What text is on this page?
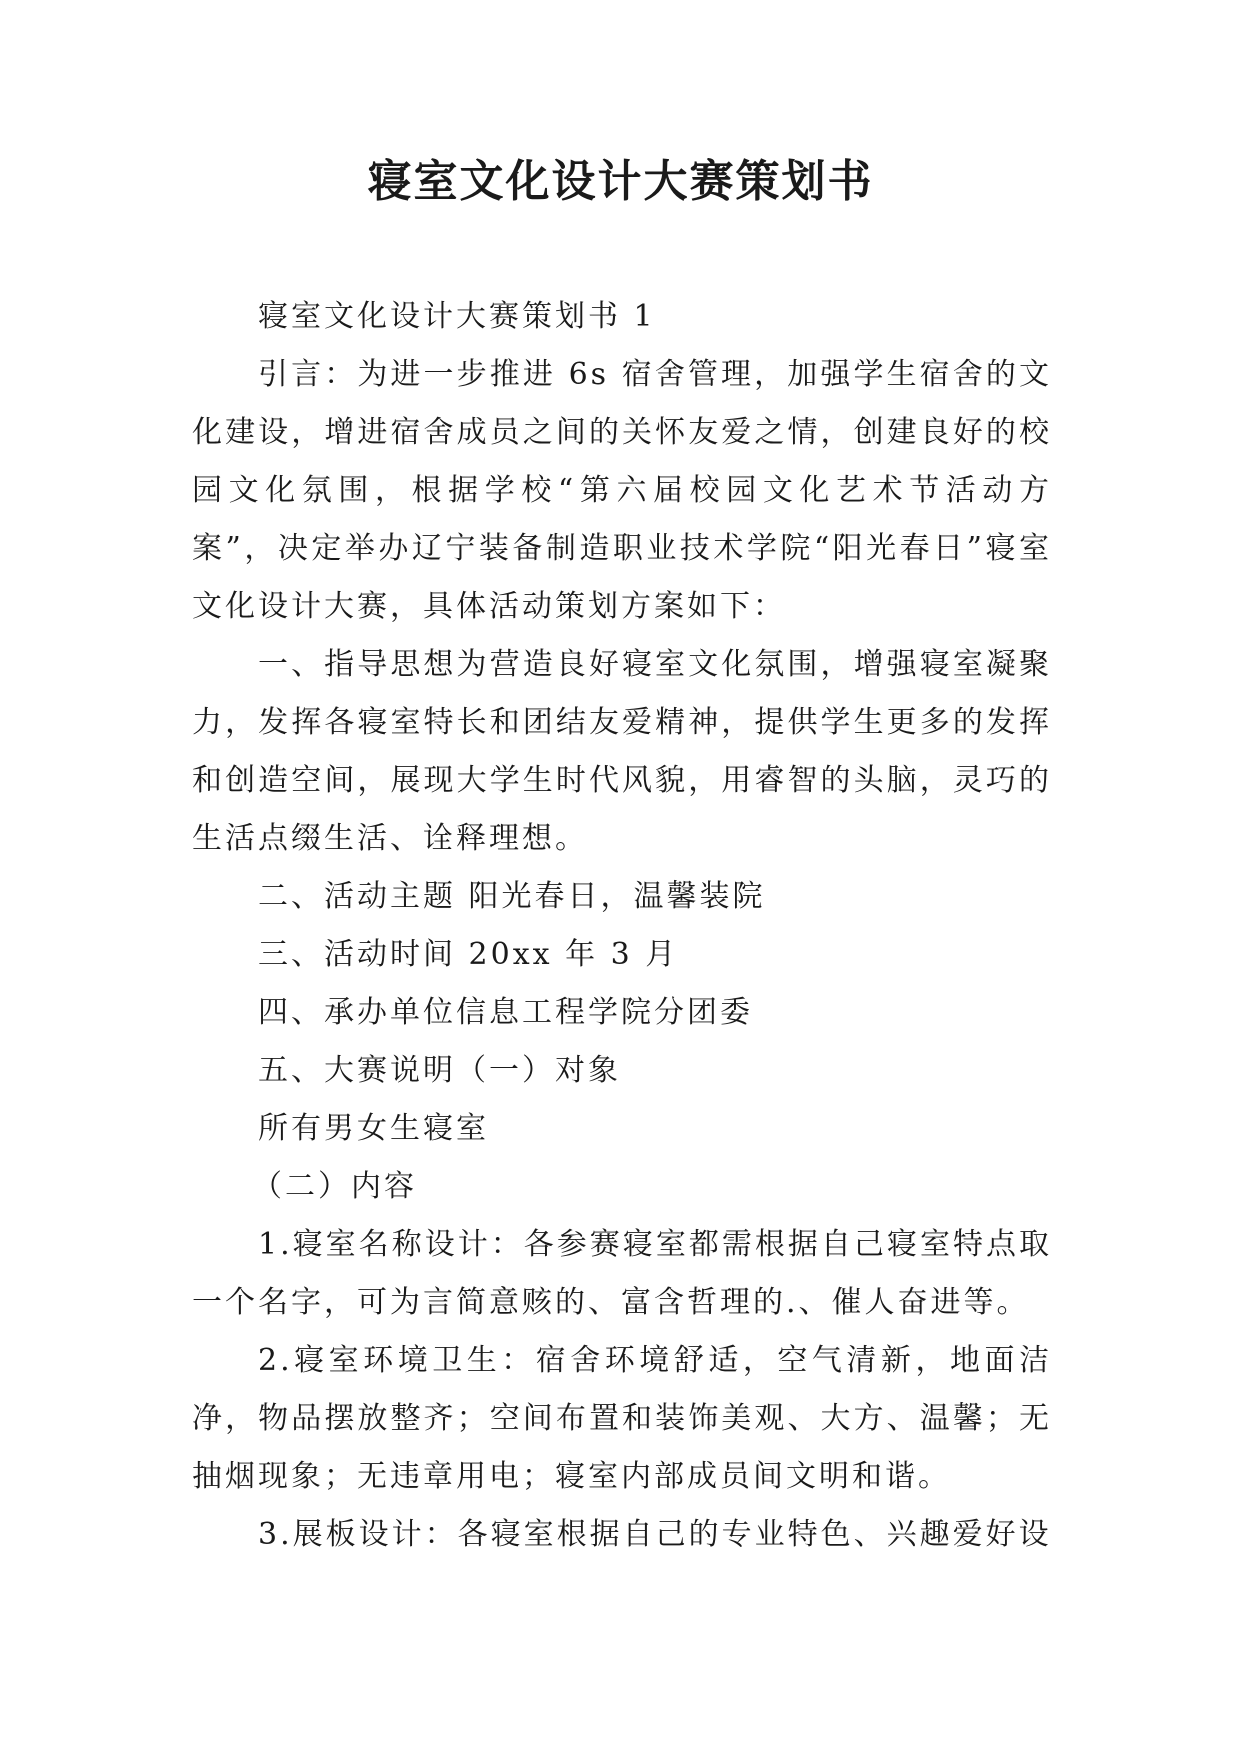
寝室文化设计大赛策划书

寝室文化设计大赛策划书 1

引言：为进一步推进 6s 宿舍管理，加强学生宿舍的文化建设，增进宿舍成员之间的关怀友爱之情，创建良好的校园文化氛围，根据学校“第六届校园文化艺术节活动方案”，决定举办辽宁装备制造职业技术学院“阳光春日”寝室文化设计大赛，具体活动策划方案如下：

一、指导思想为营造良好寝室文化氛围，增强寝室凝聚力，发挥各寝室特长和团结友爱精神，提供学生更多的发挥和创造空间，展现大学生时代风貌，用睿智的头脑，灵巧的生活点缀生活、诠释理想。

二、活动主题 阳光春日，温馨装院

三、活动时间 20xx 年 3 月

四、承办单位信息工程学院分团委

五、大赛说明（一）对象

所有男女生寝室

（二）内容

1.寝室名称设计：各参赛寝室都需根据自己寝室特点取一个名字，可为言简意赅的、富含哲理的.、催人奋进等。

2.寝室环境卫生：宿舍环境舒适，空气清新，地面洁净，物品摆放整齐；空间布置和装饰美观、大方、温馨；无抽烟现象；无违章用电；寝室内部成员间文明和谐。

3.展板设计：各寝室根据自己的专业特色、兴趣爱好设
